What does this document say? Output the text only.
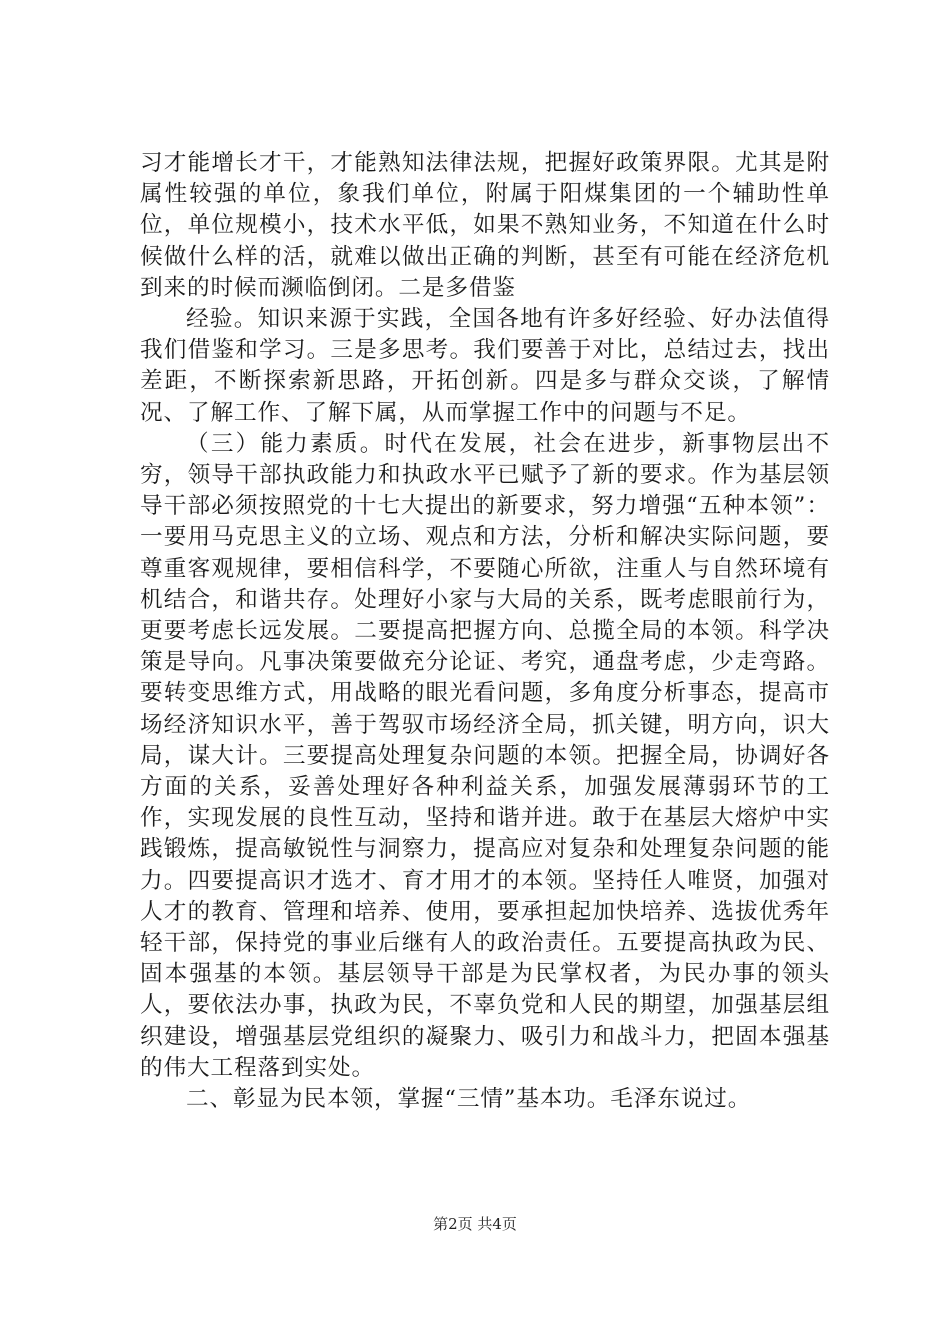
习才能增长才干，才能熟知法律法规，把握好政策界限。尤其是附属性较强的单位，象我们单位，附属于阳煤集团的一个辅助性单位，单位规模小，技术水平低，如果不熟知业务，不知道在什么时候做什么样的活，就难以做出正确的判断，甚至有可能在经济危机到来的时候而濒临倒闭。二是多借鉴

经验。知识来源于实践，全国各地有许多好经验、好办法值得我们借鉴和学习。三是多思考。我们要善于对比，总结过去，找出差距，不断探索新思路，开拓创新。四是多与群众交谈，了解情况、了解工作、了解下属，从而掌握工作中的问题与不足。

（三）能力素质。时代在发展，社会在进步，新事物层出不穷，领导干部执政能力和执政水平已赋予了新的要求。作为基层领导干部必须按照党的十七大提出的新要求，努力增强“五种本领”：一要用马克思主义的立场、观点和方法，分析和解决实际问题，要尊重客观规律，要相信科学，不要随心所欲，注重人与自然环境有机结合，和谐共存。处理好小家与大局的关系，既考虑眼前行为，更要考虑长远发展。二要提高把握方向、总揽全局的本领。科学决策是导向。凡事决策要做充分论证、考究，通盘考虑，少走弯路。要转变思维方式，用战略的眼光看问题，多角度分析事态，提高市场经济知识水平，善于驾驭市场经济全局，抓关键，明方向，识大局，谋大计。三要提高处理复杂问题的本领。把握全局，协调好各方面的关系，妥善处理好各种利益关系，加强发展薄弱环节的工作，实现发展的良性互动，坚持和谐并进。敢于在基层大熔炉中实践锻炼，提高敏锐性与洞察力，提高应对复杂和处理复杂问题的能力。四要提高识才选才、育才用才的本领。坚持任人唯贤，加强对人才的教育、管理和培养、使用，要承担起加快培养、选拔优秀年轻干部，保持党的事业后继有人的政治责任。五要提高执政为民、固本强基的本领。基层领导干部是为民掌权者，为民办事的领头人，要依法办事，执政为民，不辜负党和人民的期望，加强基层组织建设，增强基层党组织的凝聚力、吸引力和战斗力，把固本强基的伟大工程落到实处。

二、彰显为民本领，掌握“三情”基本功。毛泽东说过。

第2页 共4页
